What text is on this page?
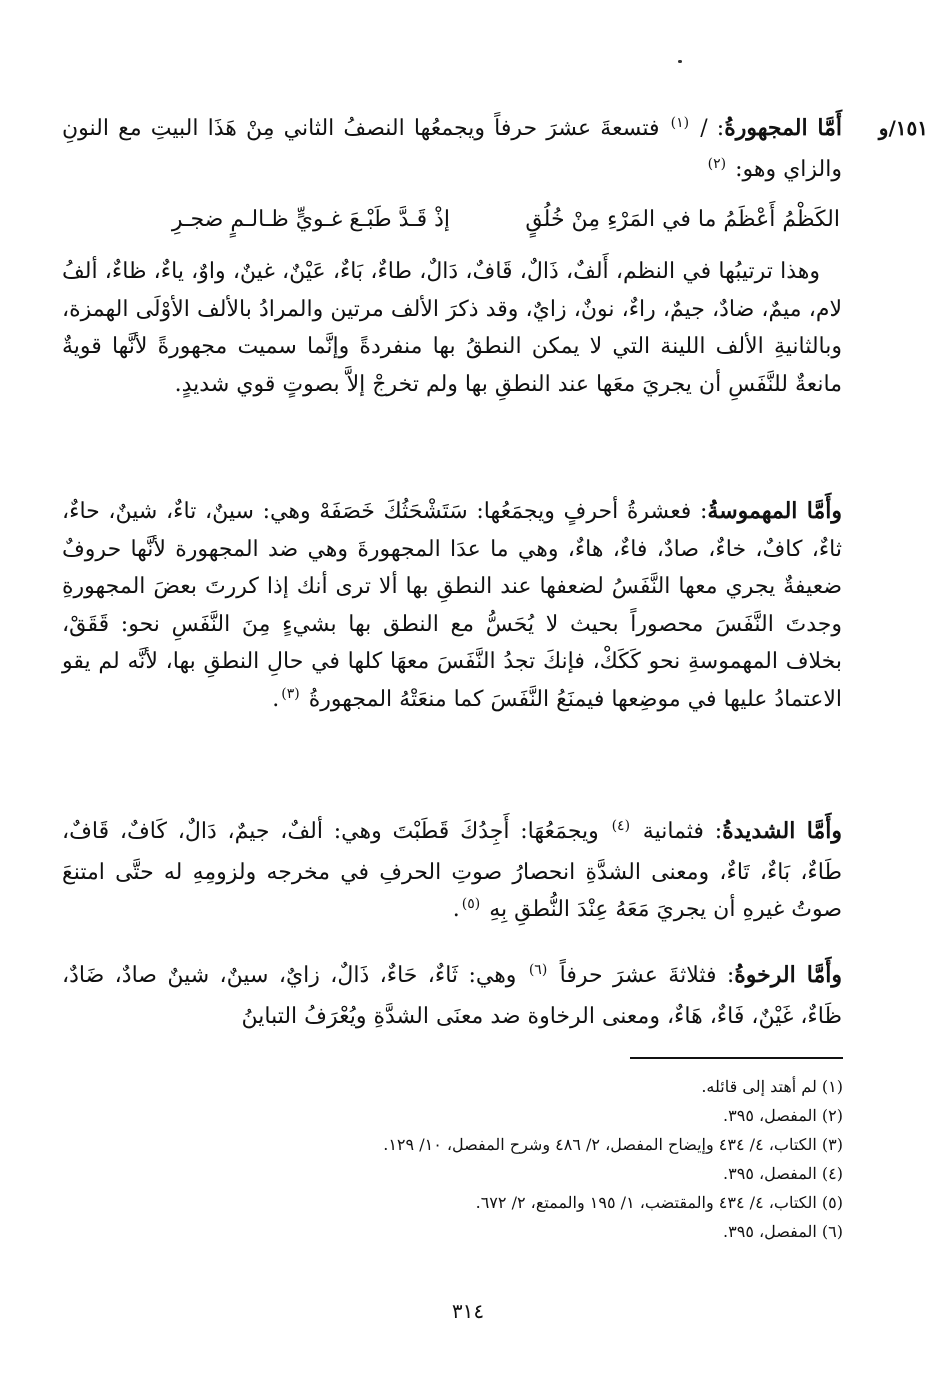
١٥١/و

أَمَّا المجهورةُ: / $^{(١)}$ فتسعةَ عشرَ حرفاً ويجمعُها النصفُ الثاني مِنْ هَذَا البيتِ مع النونِ والزاي وهو: $^{(٢)}$

الكَظْمُ أَعْظَمُ ما في المَرْءِ مِنْ خُلُقٍ
إذْ قَـدَّ طَبْـعَ غـويٍّ ظـالـمٍ ضجـرِ

وهذا ترتيبُها في النظم، أَلفٌ، ذَالٌ، قَافٌ، دَالٌ، طاءٌ، بَاءٌ، عَيْنٌ، غينٌ، واوٌ، ياءٌ، ظاءٌ، ألفُ لام، ميمٌ، ضادٌ، جيمٌ، راءٌ، نونٌ، زايٌ، وقد ذكرَ الألف مرتين والمرادُ بالألف الأوْلَى الهمزة، وبالثانيةِ الألف اللينة التي لا يمكن النطقُ بها منفردةً وإنَّما سميت مجهورةً لأنَّها قويةٌ مانعةٌ للنَّفَسِ أن يجريَ معَها عند النطقِ بها ولم تخرجْ إلاَّ بصوتٍ قوي شديدٍ.

وأَمَّا المهموسةُ: فعشرةُ أحرفٍ ويجمَعُها: سَتَشْحَثُكَ خَصَفَهْ وهي: سينٌ، تاءٌ، شينٌ، حاءٌ، ثاءٌ، كافٌ، خاءٌ، صادٌ، فاءٌ، هاءٌ، وهي ما عدَا المجهورةَ وهي ضد المجهورة لأنَّها حروفٌ ضعيفةٌ يجري معها النَّفَسُ لضعفها عند النطقِ بها ألا ترى أنك إذا كررتَ بعضَ المجهورةِ وجدتَ النَّفَسَ محصوراً بحيث لا يُحَسُّ مع النطق بها بشيءٍ مِنَ النَّفَسِ نحو: قَقَقْ، بخلاف المهموسةِ نحو كَكَكْ، فإنكَ تجدُ النَّفَسَ معهَا كلها في حالِ النطقِ بها، لأنَّه لم يقو الاعتمادُ عليها في موضِعها فيمنَعُ النَّفَسَ كما منعَتْهُ المجهورةُ $^{(٣)}$.

وأَمَّا الشديدةُ: فثمانية $^{(٤)}$ ويجمَعُهَا: أَجِدُكَ قَطَبْتَ وهي: ألفٌ، جيمٌ، دَالٌ، كَافٌ، قَافٌ، طَاءٌ، بَاءٌ، تَاءٌ، ومعنى الشدَّةِ انحصارُ صوتِ الحرفِ في مخرجه ولزومِهِ له حتَّى امتنعَ صوتُ غيرهِ أن يجريَ مَعَهُ عِنْدَ النُّطقِ بِهِ $^{(٥)}$.

وأَمَّا الرخوةُ: فثلاثةَ عشرَ حرفاً $^{(٦)}$ وهي: ثَاءٌ، حَاءٌ، ذَالٌ، زايٌ، سينٌ، شينٌ صادٌ، ضَادٌ، ظَاءٌ، غَيْنٌ، فَاءٌ، هَاءٌ، ومعنى الرخاوة ضد معنَى الشدَّةِ ويُعْرَفُ التباينُ

(١) لم أهتد إلى قائله.
(٢) المفصل، ٣٩٥.
(٣) الكتاب، ٤/ ٤٣٤ وإيضاح المفصل، ٢/ ٤٨٦ وشرح المفصل، ١٠/ ١٢٩.
(٤) المفصل، ٣٩٥.
(٥) الكتاب، ٤/ ٤٣٤ والمقتضب، ١/ ١٩٥ والممتع، ٢/ ٦٧٢.
(٦) المفصل، ٣٩٥.
٣١٤
